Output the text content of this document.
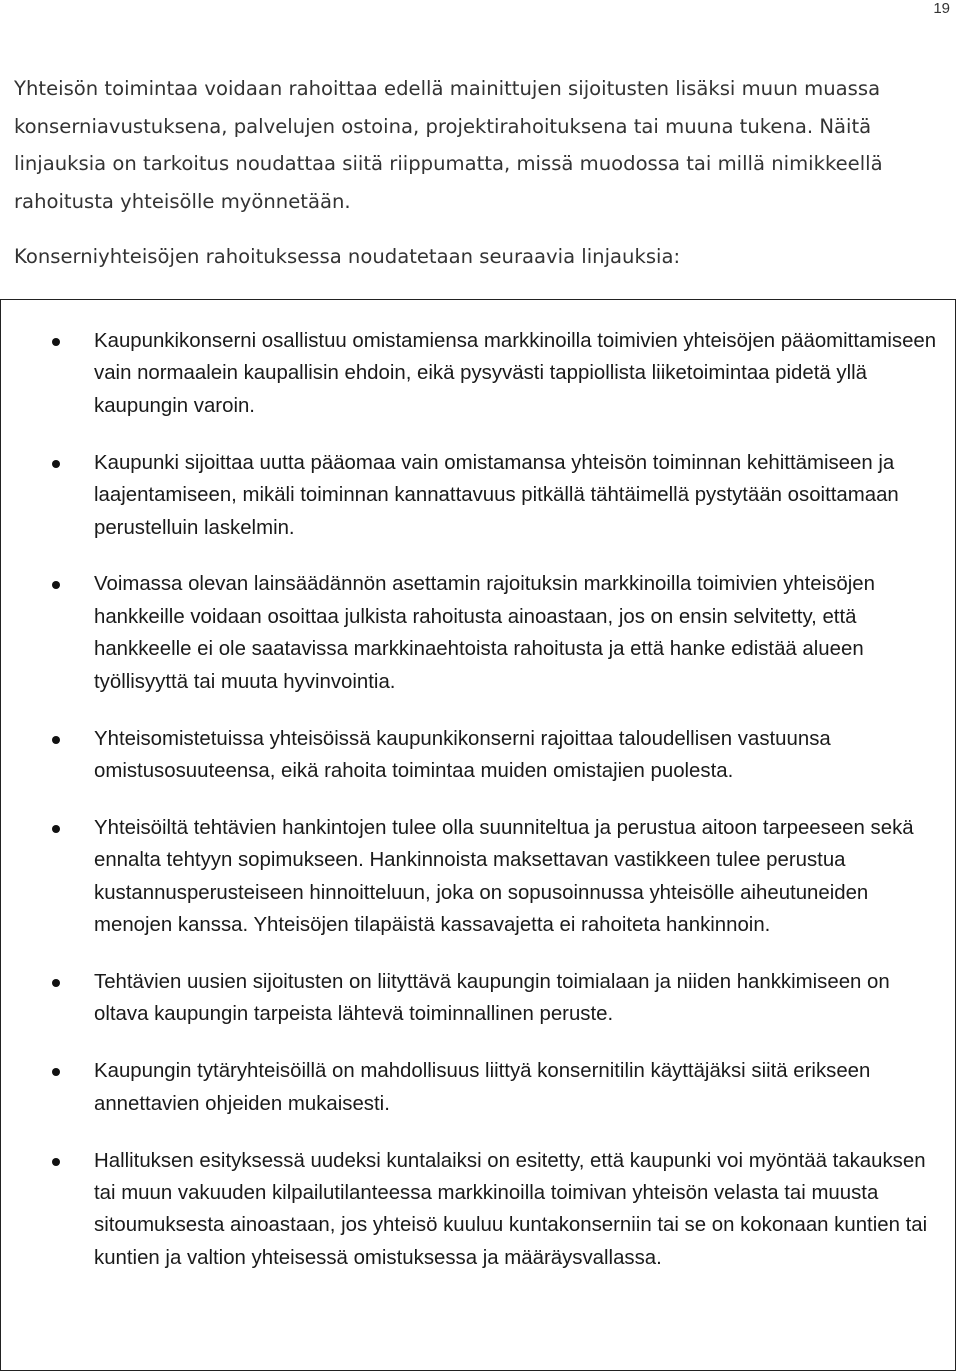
19

Yhteisön toimintaa voidaan rahoittaa edellä mainittujen sijoitusten lisäksi muun muassa konserniavustuksena, palvelujen ostoina, projektirahoituksena tai muuna tukena. Näitä linjauksia on tarkoitus noudattaa siitä riippumatta, missä muodossa tai millä nimikkeellä rahoitusta yhteisölle myönnetään.

Konserniyhteisöjen rahoituksessa noudatetaan seuraavia linjauksia:

Kaupunkikonserni osallistuu omistamiensa markkinoilla toimivien yhteisöjen pääomittamiseen vain normaalein kaupallisin ehdoin, eikä pysyvästi tappiollista liiketoimintaa pidetä yllä kaupungin varoin.
Kaupunki sijoittaa uutta pääomaa vain omistamansa yhteisön toiminnan kehittämiseen ja laajentamiseen, mikäli toiminnan kannattavuus pitkällä tähtäimellä pystytään osoittamaan perustelluin laskelmin.
Voimassa olevan lainsäädännön asettamin rajoituksin markkinoilla toimivien yhteisöjen hankkeille voidaan osoittaa julkista rahoitusta ainoastaan, jos on ensin selvitetty, että hankkeelle ei ole saatavissa markkinaehtoista rahoitusta ja että hanke edistää alueen työllisyyttä tai muuta hyvinvointia.
Yhteisomistetuissa yhteisöissä kaupunkikonserni rajoittaa taloudellisen vastuunsa omistusosuuteensa, eikä rahoita toimintaa muiden omistajien puolesta.
Yhteisöiltä tehtävien hankintojen tulee olla suunniteltua ja perustua aitoon tarpeeseen sekä ennalta tehtyyn sopimukseen. Hankinnoista maksettavan vastikkeen tulee perustua kustannusperusteiseen hinnoitteluun, joka on sopusoinnussa yhteisölle aiheutuneiden menojen kanssa. Yhteisöjen tilapäistä kassavajetta ei rahoiteta hankinnoin.
Tehtävien uusien sijoitusten on liityttävä kaupungin toimialaan ja niiden hankkimiseen on oltava kaupungin tarpeista lähtevä toiminnallinen peruste.
Kaupungin tytäryhteisöillä on mahdollisuus liittyä konsernitilin käyttäjäksi siitä erikseen annettavien ohjeiden mukaisesti.
Hallituksen esityksessä uudeksi kuntalaiksi on esitetty, että kaupunki voi myöntää takauksen tai muun vakuuden kilpailutilanteessa markkinoilla toimivan yhteisön velasta tai muusta sitoumuksesta ainoastaan, jos yhteisö kuuluu kuntakonserniin tai se on kokonaan kuntien tai kuntien ja valtion yhteisessä omistuksessa ja määräysvallassa.
